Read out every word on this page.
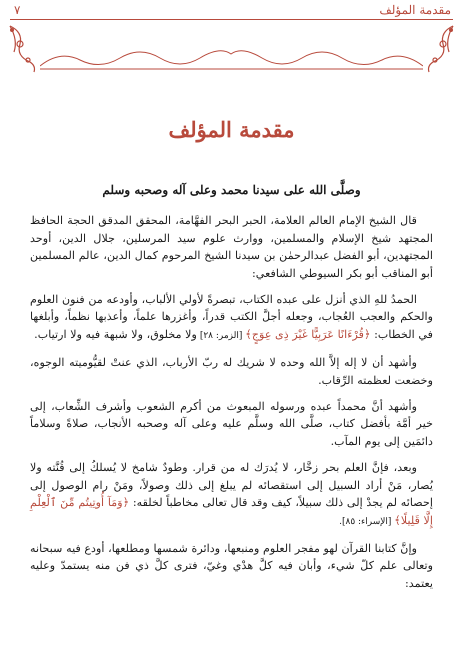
٧	مقدمة المؤلف
مقدمة المؤلف

وصلَّى الله على سيدنا محمد وعلى آله وصحبه وسلم

قال الشيخ الإمام العالم العلامة، الحبر البحر الفهَّامة، المحقق المدقق الحجة الحافظ المجتهد شيخ الإسلام والمسلمين، ووارث علوم سيد المرسلين، جلال الدين، أوحد المجتهدين، أبو الفضل عبدالرحمٰن بن سيدنا الشيخ المرحوم كمال الدين، عالم المسلمين أبو المناقب أبو بكر السيوطي الشافعي:

الحمدُ للهِ الذي أنزل على عبده الكتاب، تبصرةً لأولي الألباب، وأودعه من فنون العلوم والحكم والعجب العُجاب، وجعله أجلَّ الكتب قدراً، وأغزرها علماً، وأعذبها نظماً، وأبلغها في الخطاب: ﴿قُرْءَانًا عَرَبِيًّا غَيْرَ ذِى عِوَجٍ﴾ [الزمر: ٢٨] ولا مخلوق، ولا شبهة فيه ولا ارتياب.

وأشهد أن لا إله إلاَّ الله وحده لا شريك له ربّ الأرباب، الذي عنتْ لقيُّوميته الوجوه، وخضعت لعظمته الرِّقاب.

وأشهد أنَّ محمداً عبده ورسوله المبعوث من أكرم الشعوب وأشرف الشِّعاب، إلى خير أمَّة بأفضل كتاب، صلَّى الله وسلَّم عليه وعلى آله وصحبه الأنجاب، صلاةً وسلاماً دائمَين إلى يوم المآب.

وبعد، فإنَّ العلم بحر زخَّار، لا يُدرَك له من قرار. وطودٌ شامخ لا يُسلكُ إلى قُنَّته ولا يُصار، مَنْ أراد السبيل إلى استقصائه لم يبلغ إلى ذلك وصولاً، ومَنْ رام الوصول إلى إحصائه لم يجدْ إلى ذلك سبيلاً، كيف وقد قال تعالى مخاطباً لخلقه: ﴿وَمَآ أُوتِيتُم مِّنَ ٱلْعِلْمِ إِلَّا قَلِيلًا﴾ [الإسراء: ٨٥].

وإنَّ كتابنا القرآن لهو مفجر العلوم ومنبعها، ودائرة شمسها ومطلعها، أودع فيه سبحانه وتعالى علم كلّ شيء، وأبان فيه كلَّ هدْي وغيّ، فترى كلَّ ذي فن منه يستمدّ وعليه يعتمد:
